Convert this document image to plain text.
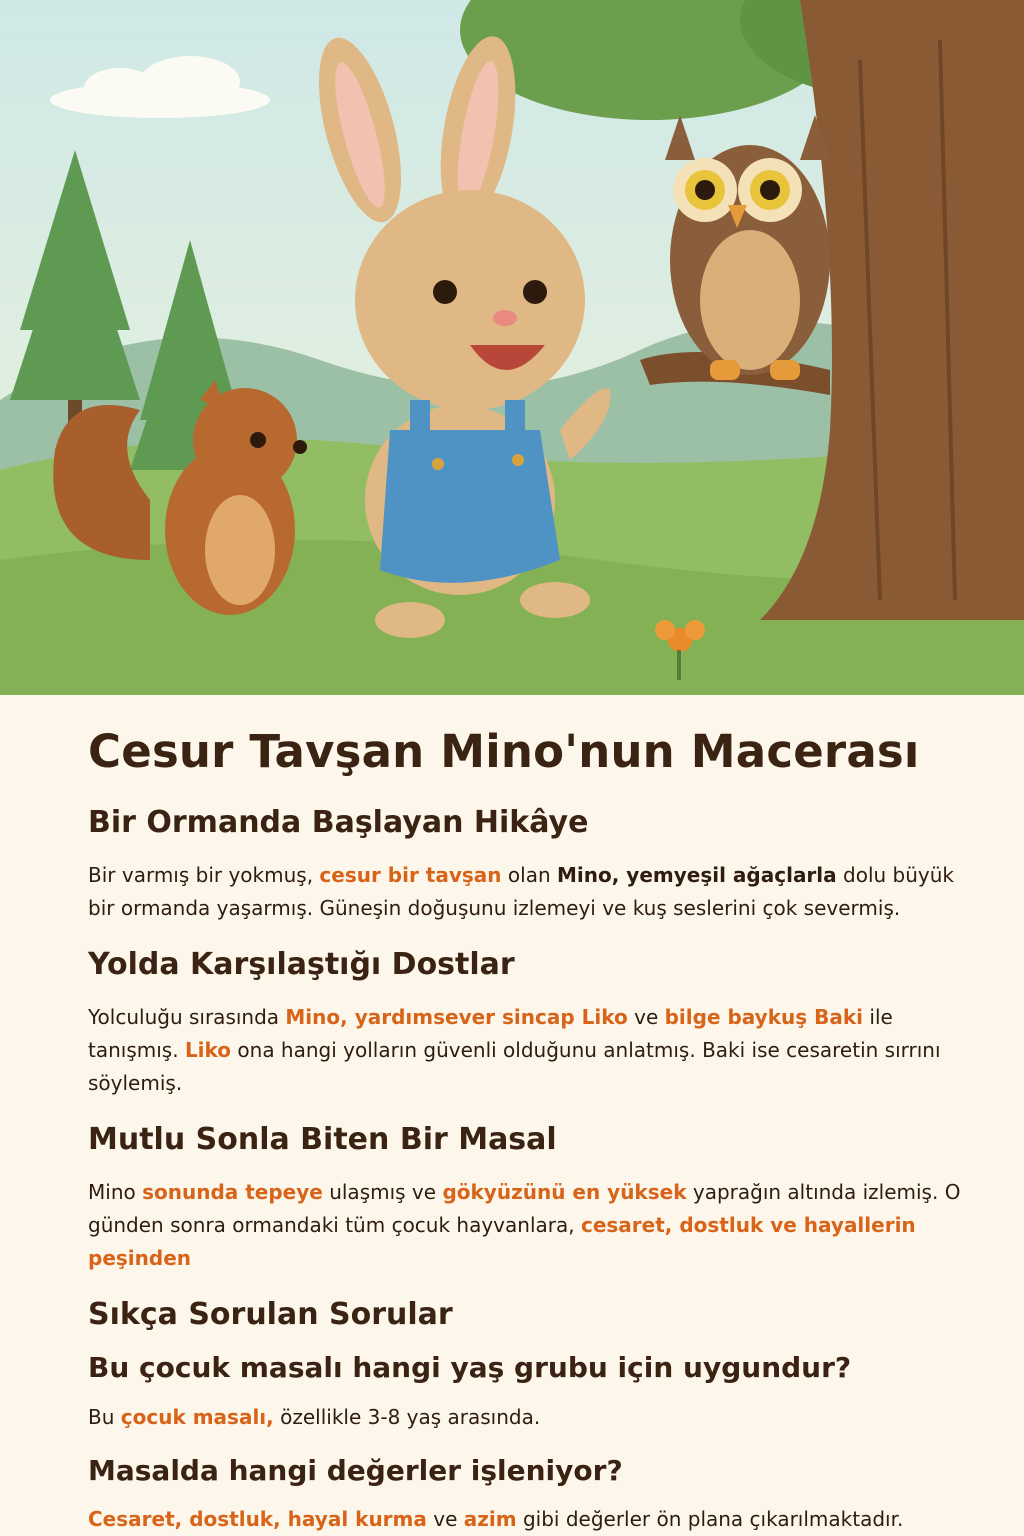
Cesur Tavşan Mino'nun Macerası
Bir Ormanda Başlayan Hikâye

Bir varmış bir yokmuş, cesur bir tavşan olan Mino, yemyeşil ağaçlarla dolu büyük bir ormanda yaşarmış. Güneşin doğuşunu izlemeyi ve kuş seslerini çok severmiş.

Yolda Karşılaştığı Dostlar

Yolculuğu sırasında Mino, yardımsever sincap Liko ve bilge baykuş Baki ile tanışmış. Liko ona hangi yolların güvenli olduğunu anlatmış. Baki ise cesaretin sırrını söylemiş.

Mutlu Sonla Biten Bir Masal

Mino sonunda tepeye ulaşmış ve gökyüzünü en yüksek yaprağın altında izlemiş. O günden sonra ormandaki tüm çocuk hayvanlara, cesaret, dostluk ve hayallerin peşinden

Sıkça Sorulan Sorular
Bu çocuk masalı hangi yaş grubu için uygundur?

Bu çocuk masalı, özellikle 3-8 yaş arasında.

Masalda hangi değerler işleniyor?

Cesaret, dostluk, hayal kurma ve azim gibi değerler ön plana çıkarılmaktadır.
